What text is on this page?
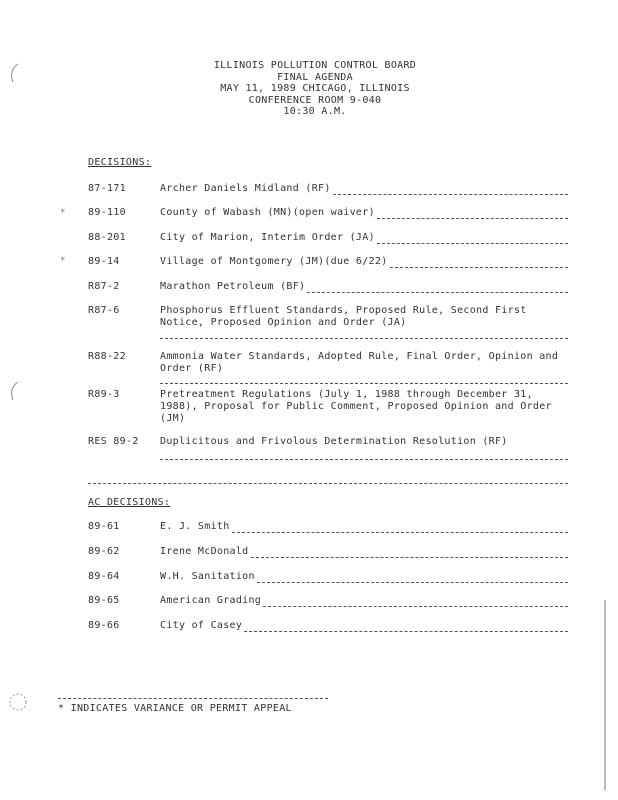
ILLINOIS POLLUTION CONTROL BOARD
FINAL AGENDA
MAY 11, 1989 CHICAGO, ILLINOIS
CONFERENCE ROOM 9-040
10:30 A.M.
DECISIONS:
87-171	Archer Daniels Midland (RF)
* 89-110	County of Wabash (MN)(open waiver)
88-201	City of Marion, Interim Order (JA)
* 89-14	Village of Montgomery (JM)(due 6/22)
R87-2	Marathon Petroleum (BF)
R87-6	Phosphorus Effluent Standards, Proposed Rule, Second First Notice, Proposed Opinion and Order (JA)
R88-22	Ammonia Water Standards, Adopted Rule, Final Order, Opinion and Order (RF)
R89-3	Pretreatment Regulations (July 1, 1988 through December 31, 1988), Proposal for Public Comment, Proposed Opinion and Order (JM)
RES 89-2	Duplicitous and Frivolous Determination Resolution (RF)
AC DECISIONS:
89-61	E. J. Smith
89-62	Irene McDonald
89-64	W.H. Sanitation
89-65	American Grading
89-66	City of Casey
* INDICATES VARIANCE OR PERMIT APPEAL
